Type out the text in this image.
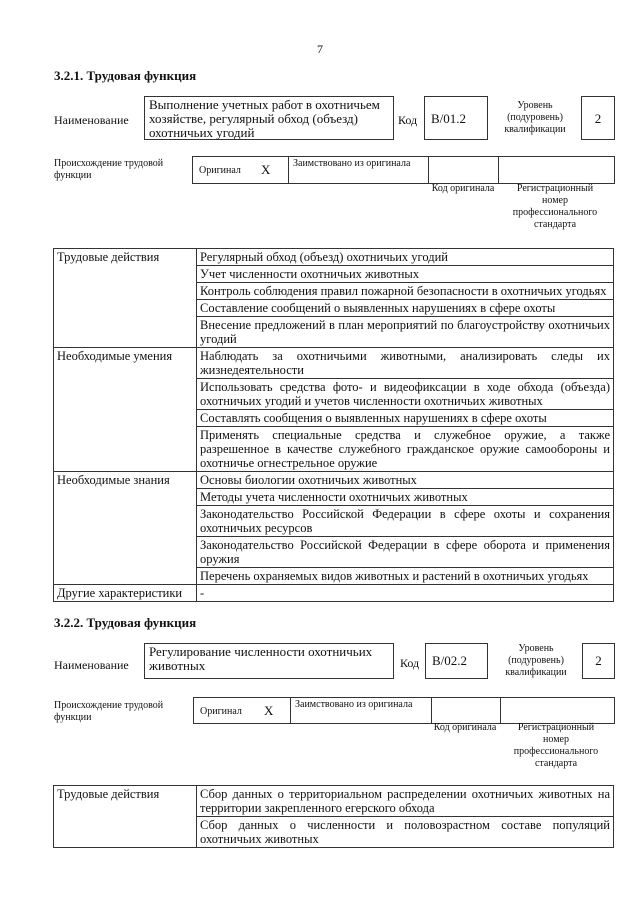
7
3.2.1. Трудовая функция
Наименование
Выполнение учетных работ в охотничьем хозяйстве, регулярный обход (объезд) охотничьих угодий
Код	В/01.2
Уровень (подуровень) квалификации
2
Происхождение трудовой функции	Оригинал X Заимствовано из оригинала
Код оригинала	Регистрационный номер профессионального стандарта
Трудовые действия	Регулярный обход (объезд) охотничьих угодий
	Учет численности охотничьих животных
	Контроль соблюдения правил пожарной безопасности в охотничьих угодьях
	Составление сообщений о выявленных нарушениях в сфере охоты
	Внесение предложений в план мероприятий по благоустройству охотничьих угодий
Необходимые умения	Наблюдать за охотничьими животными, анализировать следы их жизнедеятельности
	Использовать средства фото- и видеофиксации в ходе обхода (объезда) охотничьих угодий и учетов численности охотничьих животных
	Составлять сообщения о выявленных нарушениях в сфере охоты
	Применять специальные средства и служебное оружие, а также разрешенное в качестве служебного гражданское оружие самообороны и охотничье огнестрельное оружие
Необходимые знания	Основы биологии охотничьих животных
	Методы учета численности охотничьих животных
	Законодательство Российской Федерации в сфере охоты и сохранения охотничьих ресурсов
	Законодательство Российской Федерации в сфере оборота и применения оружия
	Перечень охраняемых видов животных и растений в охотничьих угодьях
Другие характеристики	-
3.2.2. Трудовая функция
Наименование
Регулирование численности охотничьих животных	Код В/02.2
Уровень (подуровень) квалификации
2
Происхождение трудовой функции
Оригинал X Заимствовано из оригинала
Код оригинала	Регистрационный номер профессионального стандарта
Трудовые действия	Сбор данных о территориальном распределении охотничьих животных на территории закрепленного егерского обхода
Сбор данных о численности и половозрастном составе популяций охотничьих животных
